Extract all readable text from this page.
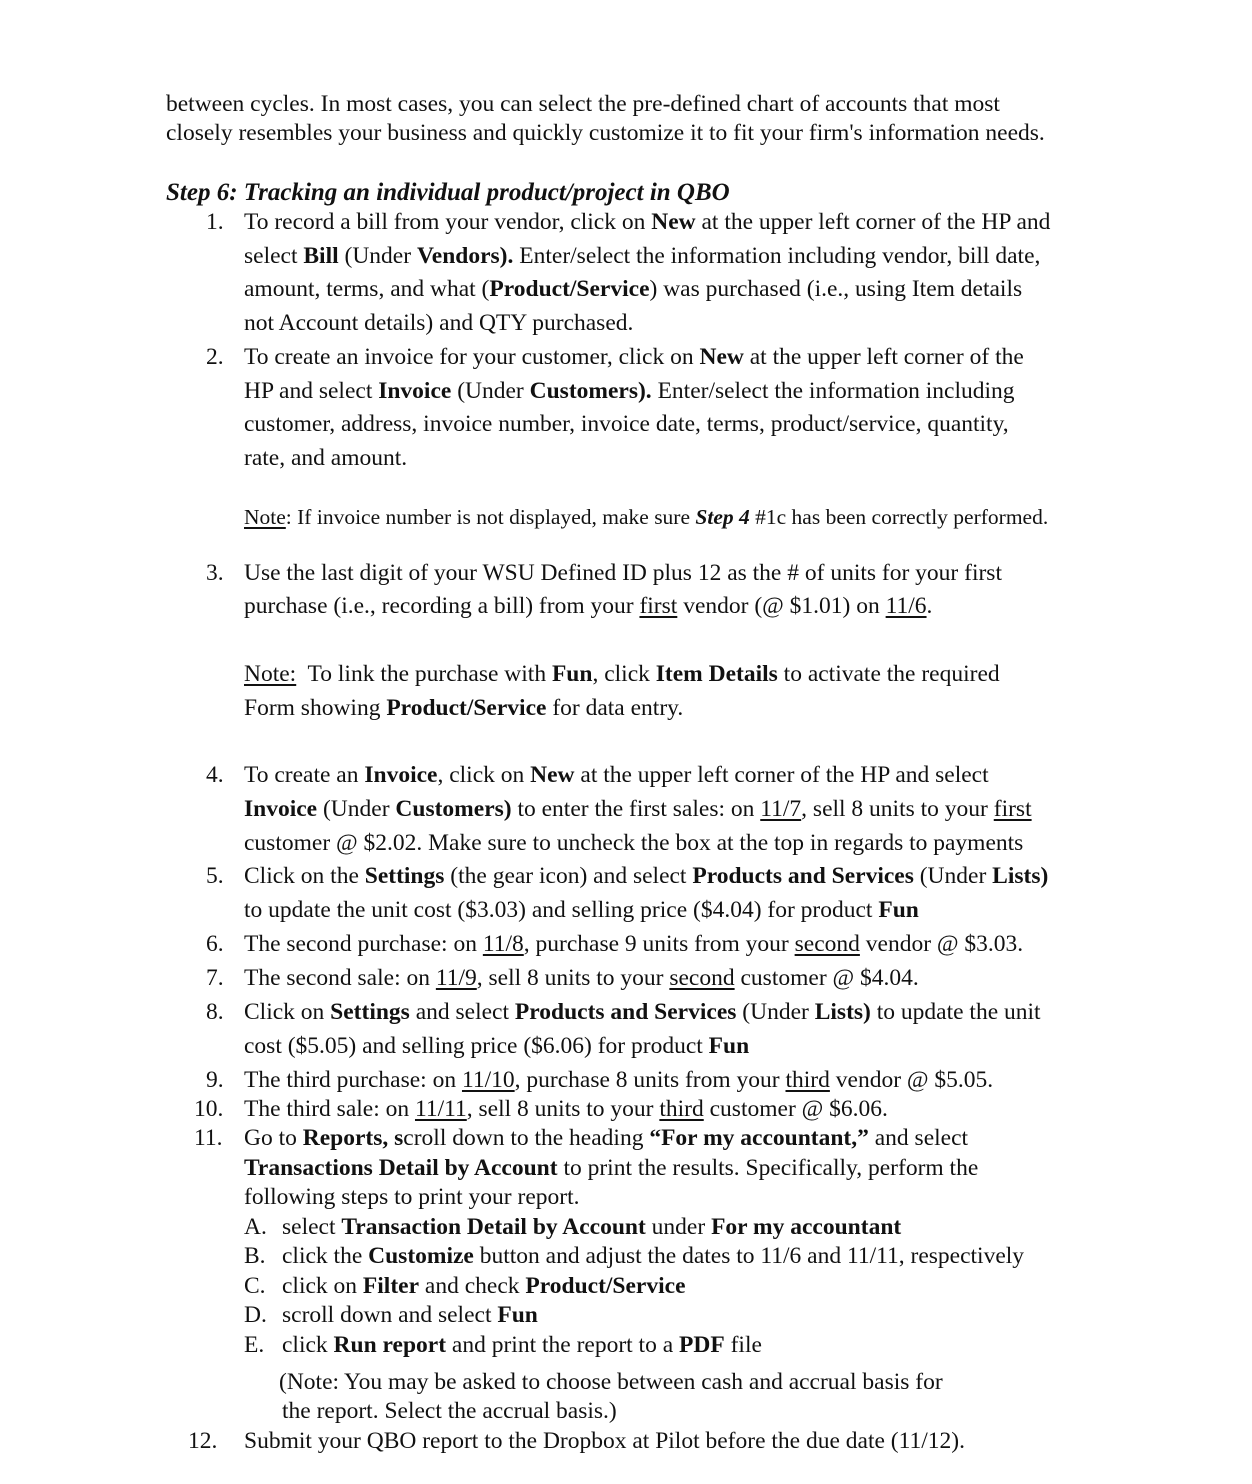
between cycles. In most cases, you can select the pre-defined chart of accounts that most
closely resembles your business and quickly customize it to fit your firm's information needs.
Step 6: Tracking an individual product/project in QBO
1. To record a bill from your vendor, click on New at the upper left corner of the HP and
select Bill (Under Vendors). Enter/select the information including vendor, bill date,
amount, terms, and what (Product/Service) was purchased (i.e., using Item details
not Account details) and QTY purchased.
2. To create an invoice for your customer, click on New at the upper left corner of the
HP and select Invoice (Under Customers). Enter/select the information including
customer, address, invoice number, invoice date, terms, product/service, quantity,
rate, and amount.
Note: If invoice number is not displayed, make sure Step 4 #1c has been correctly performed.
3. Use the last digit of your WSU Defined ID plus 12 as the # of units for your first
purchase (i.e., recording a bill) from your first vendor (@ $1.01) on 11/6.
Note:  To link the purchase with Fun, click Item Details to activate the required
Form showing Product/Service for data entry.
4. To create an Invoice, click on New at the upper left corner of the HP and select
Invoice (Under Customers) to enter the first sales: on 11/7, sell 8 units to your first
customer @ $2.02. Make sure to uncheck the box at the top in regards to payments
5. Click on the Settings (the gear icon) and select Products and Services (Under Lists)
to update the unit cost ($3.03) and selling price ($4.04) for product Fun
6. The second purchase: on 11/8, purchase 9 units from your second vendor @ $3.03.
7. The second sale: on 11/9, sell 8 units to your second customer @ $4.04.
8. Click on Settings and select Products and Services (Under Lists) to update the unit
cost ($5.05) and selling price ($6.06) for product Fun
9. The third purchase: on 11/10, purchase 8 units from your third vendor @ $5.05.
10. The third sale: on 11/11, sell 8 units to your third customer @ $6.06.
11. Go to Reports, scroll down to the heading “For my accountant,” and select
Transactions Detail by Account to print the results. Specifically, perform the
following steps to print your report.
A. select Transaction Detail by Account under For my accountant
B. click the Customize button and adjust the dates to 11/6 and 11/11, respectively
C. click on Filter and check Product/Service
D. scroll down and select Fun
E. click Run report and print the report to a PDF file
(Note: You may be asked to choose between cash and accrual basis for
the report. Select the accrual basis.)
12. Submit your QBO report to the Dropbox at Pilot before the due date (11/12).
